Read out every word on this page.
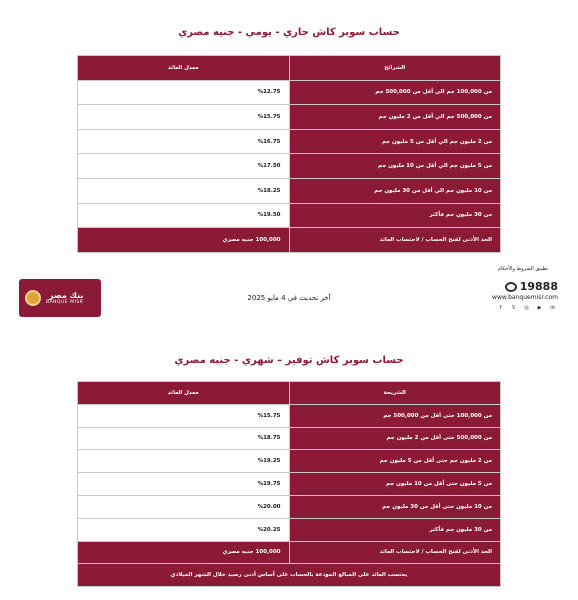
حساب سوبر كاش جاري - يومي - جنيه مصري
الشرائح	معدل العائد
من 100,000 جم الي أقل من 500,000 جم	%12.75
من 500,000 جم الي أقل من 2 مليون جم	%15.75
من 2 مليون جم الي أقل من 5 مليون جم	%16.75
من 5 مليون جم الي أقل من 10 مليون جم	%17.50
من 10 مليون جم الي أقل من 30 مليون جم	%18.25
من 30 مليون جم فأكثر	%19.50
الحد الأدنى لفتح الحساب / لاحتساب العائد	100,000 جنيه مصري
تطبيق الشروط والأحكام
بنك مصر
BANQUE MISR	آخر تحديث في 4 مايو 2025
19888
www.banquemisr.com
f	𝕏 ◎	▶	in
حساب سوبر كاش توفير – شهري - جنيه مصري
الشريحة	معدل العائد
من 100,000 حتى أقل من 500,000 جم	%15.75
من 500,000 حتى أقل من 2 مليون جم	%18.75
من 2 مليون جم حتى أقل من 5 مليون جم	%19.25
من 5 مليون حتى أقل من 10 مليون جم	%19.75
من 10 مليون حتى أقل من 30 مليون جم	%20.00
من 30 مليون جم فأكثر	%20.25
الحد الأدنى لفتح الحساب / لاحتساب العائد	100,000 جنيه مصري
يحتسب العائد على المبالغ المودعة بالحساب على أساس أدنى رصيد خلال الشهر الميلادي	
